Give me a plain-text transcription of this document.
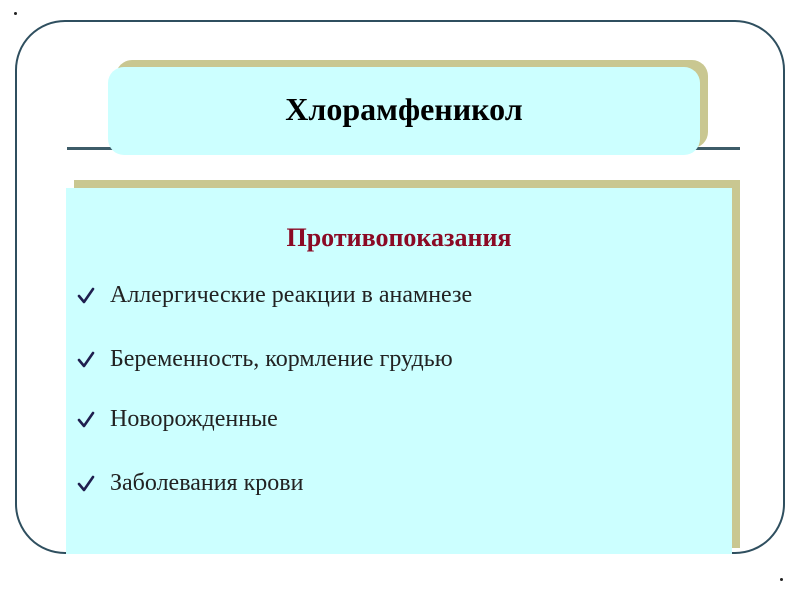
Хлорамфеникол
Противопоказания
Аллергические реакции в анамнезе
Беременность, кормление грудью
Новорожденные
Заболевания крови
